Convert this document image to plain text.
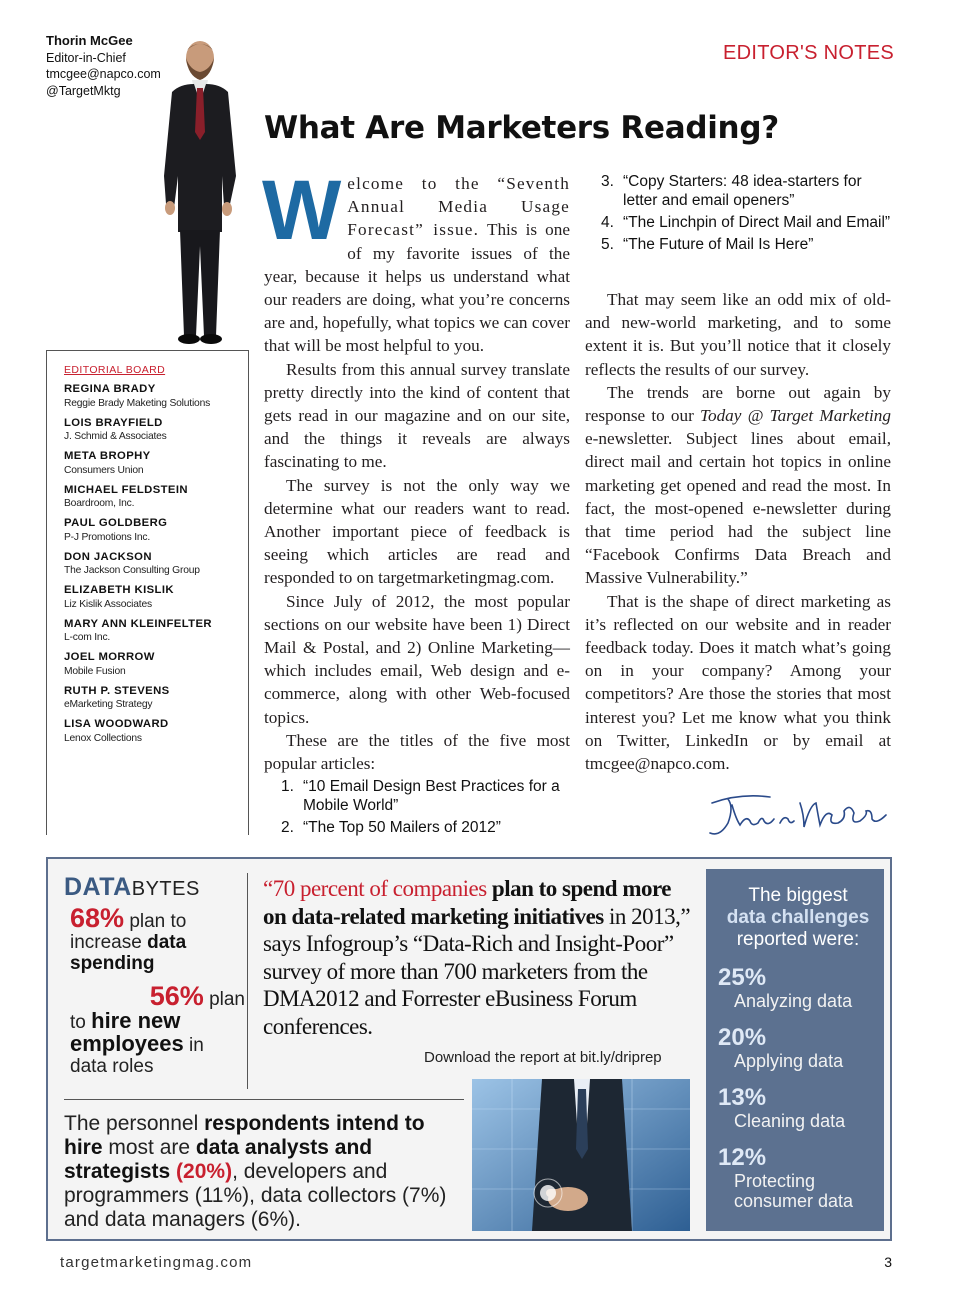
Thorin McGee
Editor-in-Chief
tmcgee@napco.com
@TargetMktg
EDITOR'S NOTES
What Are Marketers Reading?
EDITORIAL BOARD
REGINA BRADY
Reggie Brady Maketing Solutions
LOIS BRAYFIELD
J. Schmid & Associates
META BROPHY
Consumers Union
MICHAEL FELDSTEIN
Boardroom, Inc.
PAUL GOLDBERG
P-J Promotions Inc.
DON JACKSON
The Jackson Consulting Group
ELIZABETH KISLIK
Liz Kislik Associates
MARY ANN KLEINFELTER
L-com Inc.
JOEL MORROW
Mobile Fusion
RUTH P. STEVENS
eMarketing Strategy
LISA WOODWARD
Lenox Collections

Welcome to the “Seventh Annual Media Usage Forecast” issue. This is one of my favorite issues of the year, because it helps us understand what our readers are doing, what you’re concerns are and, hopefully, what topics we can cover that will be most helpful to you.

Results from this annual survey translate pretty directly into the kind of content that gets read in our magazine and on our site, and the things it reveals are always fascinating to me.

The survey is not the only way we determine what our readers want to read. Another important piece of feedback is seeing which articles are read and responded to on targetmarketingmag.com.

Since July of 2012, the most popular sections on our website have been 1) Direct Mail & Postal, and 2) Online Marketing—which includes email, Web design and e-commerce, along with other Web-focused topics.

These are the titles of the five most popular articles:

1. “10 Email Design Best Practices for a Mobile World”
2. “The Top 50 Mailers of 2012”
3. “Copy Starters: 48 idea-starters for letter and email openers”
4. “The Linchpin of Direct Mail and Email”
5. “The Future of Mail Is Here”

That may seem like an odd mix of old- and new-world marketing, and to some extent it is. But you’ll notice that it closely reflects the results of our survey.

The trends are borne out again by response to our Today @ Target Marketing e-newsletter. Subject lines about email, direct mail and certain hot topics in online marketing get opened and read the most. In fact, the most-opened e-newsletter during that time period had the subject line “Facebook Confirms Data Breach and Massive Vulnerability.”

That is the shape of direct marketing as it’s reflected on our website and in reader feedback today. Does it match what’s going on in your company? Among your competitors? Are those the stories that most interest you? Let me know what you think on Twitter, LinkedIn or by email at tmcgee@napco.com.

DATABYTES
68% plan to
increase data spending
56% plan
to hire new employees in
data roles
“70 percent of companies plan to spend more on data-related marketing initiatives in 2013,” says Infogroup’s “Data-Rich and Insight-Poor” survey of more than 700 marketers from the DMA2012 and Forrester eBusiness Forum conferences.
Download the report at bit.ly/driprep
The personnel respondents intend to hire most are data analysts and strategists (20%), developers and programmers (11%), data collectors (7%) and data managers (6%).
The biggest
data challenges
reported were:
25%
Analyzing data
20%
Applying data
13%
Cleaning data
12%
Protecting consumer data
targetmarketingmag.com	3
